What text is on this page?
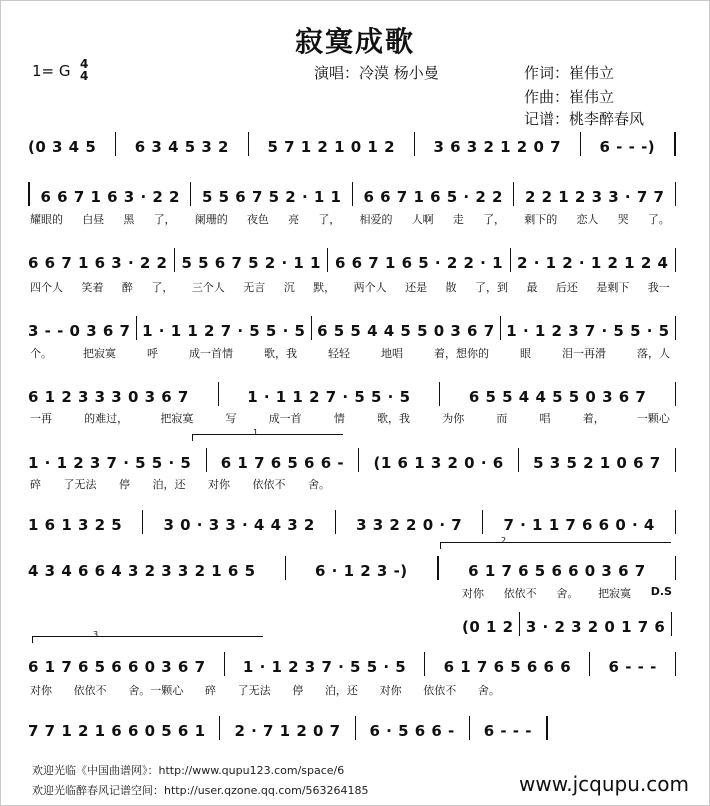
寂寞成歌
1= G 4
4	演唱：冷漠 杨小曼	作词：崔伟立
作曲：崔伟立
记谱：桃李醉春风
(0 3 4 5	6 3 4 5 3 2	5 7 1 2 1 0 1 2	3 6 3 2 1 2 0 7	6 - - -)
6 6 7 1 6 3 · 2 2 5 5 6 7 5 2 · 1 1 6 6 7 1 6 5 · 2 2 2 2 1 2 3 3 · 7 7
耀眼的 白昼 黑 了， 阑珊的 夜色 亮 了， 相爱的 人啊 走 了， 剩下的 恋人 哭 了。
6 6 7 1 6 3 · 2 2 5 5 6 7 5 2 · 1 1 6 6 7 1 6 5 · 2 2 · 1 2 · 1 2 · 1 2 1 2 4
四个人 笑着 醉 了， 三个人 无言 沉 默， 两个人 还是 散 了，到 最 后还 是剩下 我一
3 - - 0 3 6 7 1 · 1 1 2 7 · 5 5 · 5 6 5 5 4 4 5 5 0 3 6 7 1 · 1 2 3 7 · 5 5 · 5
个。	把寂寞	呼	成一首情	歌，我	轻轻	地唱	着，想你的	眼	泪一再滑	落，人
6 1 2 3 3 3 0 3 6 7	1 · 1 1 2 7 · 5 5 · 5	6 5 5 4 4 5 5 0 3 6 7
一再	的难过，	把寂寞	写	成一首	情	歌，我	为你	而	唱	着，	一颗心
1
1 · 1 2 3 7 · 5 5 · 5 6 1 7 6 5 6 6 - (1 6 1 3 2 0 · 6 5 3 5 2 1 0 6 7
碎 了无法 停 泊，还 对你 依依不 舍。
1 6 1 3 2 5	3 0 · 3 3 · 4 4 3 2	3 3 2 2 0 · 7	7 · 1 1 7 6 6 0 · 4
2
4 3 4 6 6 4 3 2 3 3 2 1 6 5	6 · 1 2 3 -)	6 1 7 6 5 6 6 0 3 6 7
对你 依依不 舍。 把寂寞 D.S
(0 1 2 3 · 2 3 2 0 1 7 6
3
6 1 7 6 5 6 6 0 3 6 7 1 · 1 2 3 7 · 5 5 · 5 6 1 7 6 5 6 6 6 6 - - -
对你 依依不 舍。一颗心 碎 了无法 停 泊，还 对你 依依不 舍。
7 7 1 2 1 6 6 0 5 6 1 2 · 7 1 2 0 7 6 · 5 6 6 - 6 - - -
欢迎光临《中国曲谱网》：http://www.qupu123.com/space/6
欢迎光临醉春风记谱空间：http://user.qzone.qq.com/563264185	www.jcqupu.com
